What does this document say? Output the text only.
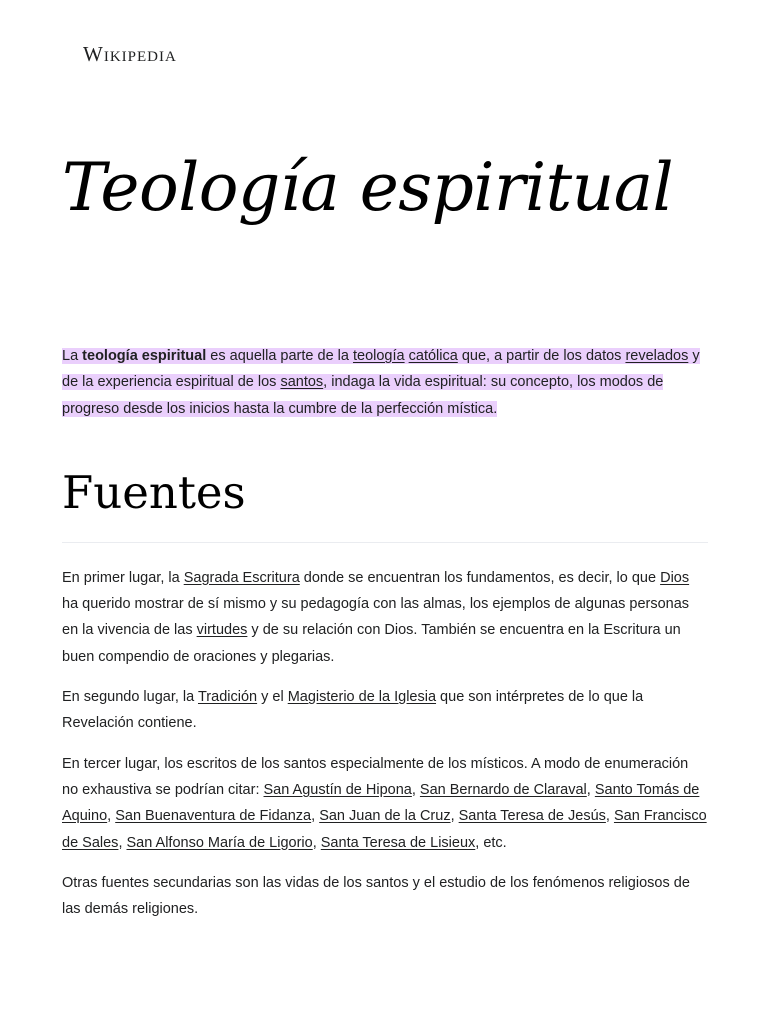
Wikipedia
Teología espiritual

La teología espiritual es aquella parte de la teología católica que, a partir de los datos revelados y de la experiencia espiritual de los santos, indaga la vida espiritual: su concepto, los modos de progreso desde los inicios hasta la cumbre de la perfección mística.

Fuentes

En primer lugar, la Sagrada Escritura donde se encuentran los fundamentos, es decir, lo que Dios ha querido mostrar de sí mismo y su pedagogía con las almas, los ejemplos de algunas personas en la vivencia de las virtudes y de su relación con Dios. También se encuentra en la Escritura un buen compendio de oraciones y plegarias.

En segundo lugar, la Tradición y el Magisterio de la Iglesia que son intérpretes de lo que la Revelación contiene.

En tercer lugar, los escritos de los santos especialmente de los místicos. A modo de enumeración no exhaustiva se podrían citar: San Agustín de Hipona, San Bernardo de Claraval, Santo Tomás de Aquino, San Buenaventura de Fidanza, San Juan de la Cruz, Santa Teresa de Jesús, San Francisco de Sales, San Alfonso María de Ligorio, Santa Teresa de Lisieux, etc.

Otras fuentes secundarias son las vidas de los santos y el estudio de los fenómenos religiosos de las demás religiones.
